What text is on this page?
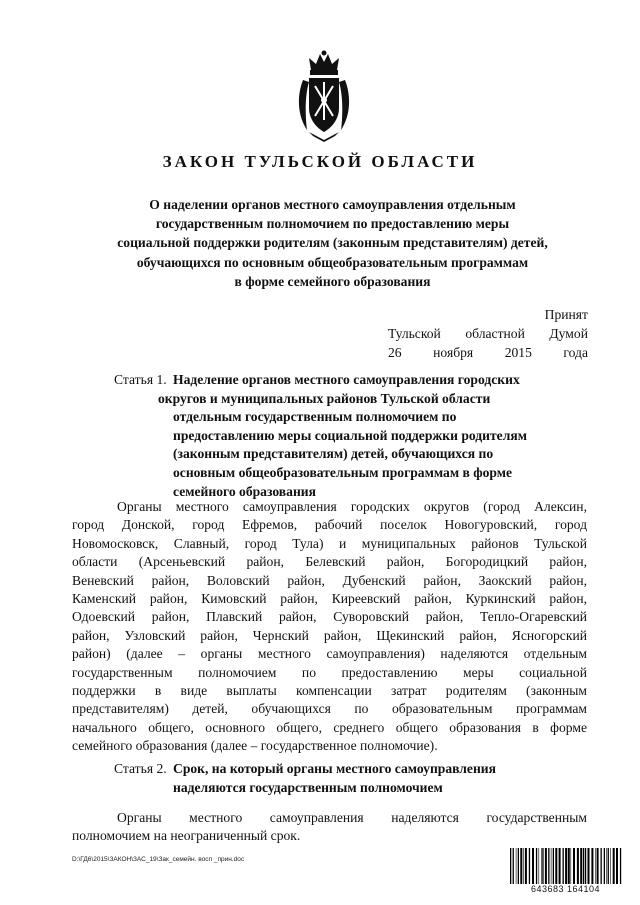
ЗАКОН ТУЛЬСКОЙ ОБЛАСТИ
О наделении органов местного самоуправления отдельным
государственным полномочием по предоставлению меры
социальной поддержки родителям (законным представителям) детей,
обучающихся по основным общеобразовательным программам
в форме семейного образования
Принят
Тульской областной Думой
26 ноября 2015 года
Статья 1. Наделение органов местного самоуправления городских
округов и муниципальных районов Тульской области
отдельным государственным полномочием по
предоставлению меры социальной поддержки родителям
(законным представителям) детей, обучающихся по
основным общеобразовательным программам в форме
семейного образования
Органы местного самоуправления городских округов (город Алексин,
город Донской, город Ефремов, рабочий поселок Новогуровский, город
Новомосковск, Славный, город Тула) и муниципальных районов Тульской
области (Арсеньевский район, Белевский район, Богородицкий район,
Веневский район, Воловский район, Дубенский район, Заокский район,
Каменский район, Кимовский район, Киреевский район, Куркинский район,
Одоевский район, Плавский район, Суворовский район, Тепло-Огаревский
район, Узловский район, Чернский район, Щекинский район, Ясногорский
район) (далее – органы местного самоуправления) наделяются отдельным
государственным полномочием по предоставлению меры социальной
поддержки в виде выплаты компенсации затрат родителям (законным
представителям) детей, обучающихся по образовательным программам
начального общего, основного общего, среднего общего образования в форме
семейного образования (далее – государственное полномочие).
Статья 2. Срок, на который органы местного самоуправления
наделяются государственным полномочием
Органы местного самоуправления наделяются государственным
полномочием на неограниченный срок.
D:\ГД6\2015\ЗАКОН\ЗАС_19\Зак_семейн. восп _прин.doc
643683 164104
